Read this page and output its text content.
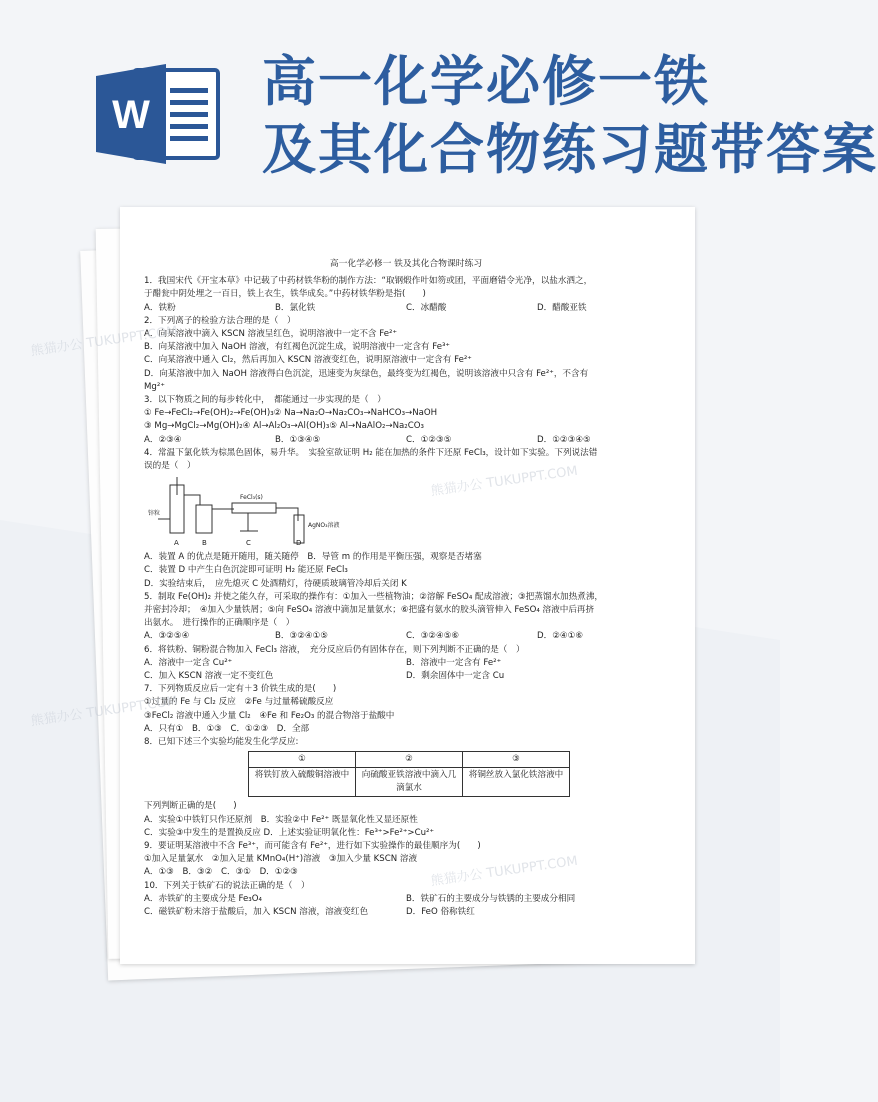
W
高一化学必修一铁
及其化合物练习题带答案

高一化学必修一 铁及其化合物课时练习

1．我国宋代《开宝本草》中记载了中药材铁华粉的制作方法：“取钢煅作叶如笏或团，平面磨错令光净，以盐水洒之，

于醋瓮中阴处埋之一百日，铁上衣生，铁华成矣。”中药材铁华粉是指(　　)

A．铁粉	B．氯化铁	C．冰醋酸	D．醋酸亚铁

2．下列离子的检验方法合理的是（　）

A．向某溶液中滴入 KSCN 溶液呈红色，说明溶液中一定不含 Fe²⁺

B．向某溶液中加入 NaOH 溶液，有红褐色沉淀生成，说明溶液中一定含有 Fe³⁺

C．向某溶液中通入 Cl₂，然后再加入 KSCN 溶液变红色，说明原溶液中一定含有 Fe²⁺

D．向某溶液中加入 NaOH 溶液得白色沉淀，迅速变为灰绿色，最终变为红褐色，说明该溶液中只含有 Fe²⁺，不含有

Mg²⁺

3．以下物质之间的每步转化中，　都能通过一步实现的是（　）

① Fe→FeCl₂→Fe(OH)₂→Fe(OH)₃② Na→Na₂O→Na₂CO₃→NaHCO₃→NaOH

③ Mg→MgCl₂→Mg(OH)₂④ Al→Al₂O₃→Al(OH)₃⑤ Al→NaAlO₂→Na₂CO₃

A．②③④	B．①③④⑤	C．①②③⑤	D．①②③④⑤

4．常温下氯化铁为棕黑色固体，易升华。　实验室欲证明 H₂ 能在加热的条件下还原 FeCl₃，设计如下实验。下列说法错

误的是（　）

FeCl₃(s)
AgNO₃溶液
锌粒
A	B	C	D

A．装置 A 的优点是随开随用，随关随停　B．导管 m 的作用是平衡压强，观察是否堵塞

C．装置 D 中产生白色沉淀即可证明 H₂ 能还原 FeCl₃

D．实验结束后，　应先熄灭 C 处酒精灯，待硬质玻璃管冷却后关闭 K

5．制取 Fe(OH)₂ 并使之能久存，可采取的操作有：①加入一些植物油；②溶解 FeSO₄ 配成溶液；③把蒸馏水加热煮沸，

并密封冷却；　④加入少量铁屑；⑤向 FeSO₄ 溶液中滴加足量氨水；⑥把盛有氨水的胶头滴管伸入 FeSO₄ 溶液中后再挤

出氨水。　进行操作的正确顺序是（　）

A．③②⑤④	B．③②④①⑤	C．③②④⑤⑥	D．②④①⑥

6．将铁粉、铜粉混合物加入 FeCl₃ 溶液，　充分反应后仍有固体存在，则下列判断不正确的是（　）

A．溶液中一定含 Cu²⁺	B．溶液中一定含有 Fe²⁺

C．加入 KSCN 溶液一定不变红色	D．剩余固体中一定含 Cu

7．下列物质反应后一定有＋3 价铁生成的是(　　)

①过量的 Fe 与 Cl₂ 反应　②Fe 与过量稀硫酸反应

③FeCl₂ 溶液中通入少量 Cl₂　④Fe 和 Fe₂O₃ 的混合物溶于盐酸中

A．只有①　B．①③　C．①②③　D．全部

8．已知下述三个实验均能发生化学反应:

①	②	③
将铁钉放入硫酸铜溶液中	向硫酸亚铁溶液中滴入几滴氯水	将铜丝放入氯化铁溶液中

下列判断正确的是(　　)

A．实验①中铁钉只作还原剂　B．实验②中 Fe²⁺ 既显氧化性又显还原性

C．实验③中发生的是置换反应 D．上述实验证明氧化性：Fe³⁺>Fe²⁺>Cu²⁺

9．要证明某溶液中不含 Fe³⁺，而可能含有 Fe²⁺，进行如下实验操作的最佳顺序为(　　)

①加入足量氯水　②加入足量 KMnO₄(H⁺)溶液　③加入少量 KSCN 溶液

A．①③　B．③②　C．③①　D．①②③

10．下列关于铁矿石的说法正确的是（　）

A．赤铁矿的主要成分是 Fe₃O₄	B．铁矿石的主要成分与铁锈的主要成分相同

C．磁铁矿粉末溶于盐酸后，加入 KSCN 溶液，溶液变红色	D．FeO 俗称铁红

熊猫办公 TUKUPPT.COM
熊猫办公 TUKUPPT.COM
熊猫办公 TUKUPPT.COM
熊猫办公 TUKUPPT.COM
